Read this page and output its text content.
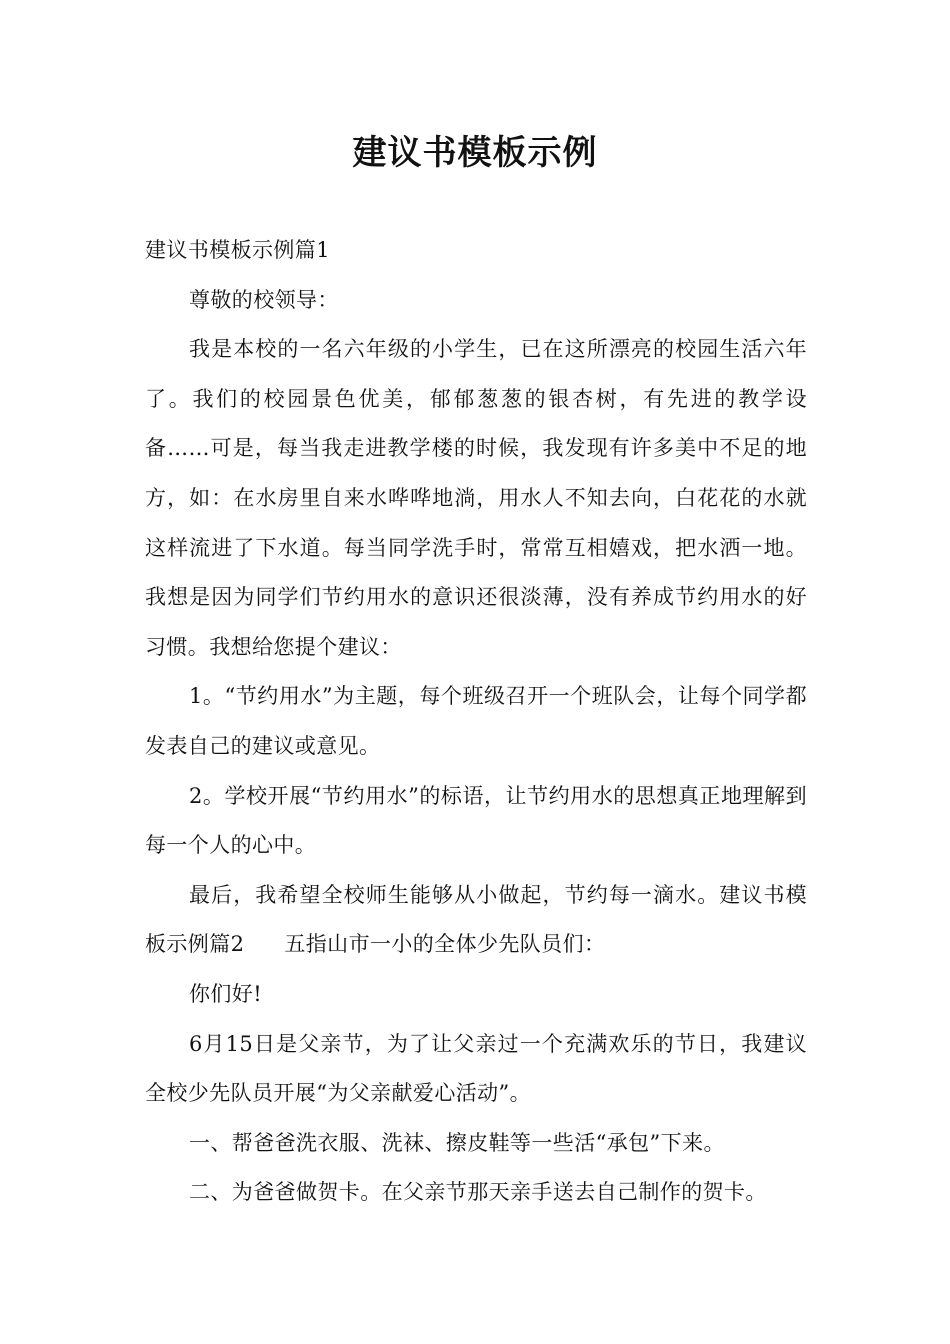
建议书模板示例

建议书模板示例篇1

尊敬的校领导：

我是本校的一名六年级的小学生，已在这所漂亮的校园生活六年了。我们的校园景色优美，郁郁葱葱的银杏树，有先进的教学设备……可是，每当我走进教学楼的时候，我发现有许多美中不足的地方，如：在水房里自来水哗哗地淌，用水人不知去向，白花花的水就这样流进了下水道。每当同学洗手时，常常互相嬉戏，把水洒一地。我想是因为同学们节约用水的意识还很淡薄，没有养成节约用水的好习惯。我想给您提个建议：

1。“节约用水”为主题，每个班级召开一个班队会，让每个同学都发表自己的建议或意见。

2。学校开展“节约用水”的标语，让节约用水的思想真正地理解到每一个人的心中。

最后，我希望全校师生能够从小做起，节约每一滴水。建议书模板示例篇2 五指山市一小的全体少先队员们：

你们好!

6月15日是父亲节，为了让父亲过一个充满欢乐的节日，我建议全校少先队员开展“为父亲献爱心活动”。

一、帮爸爸洗衣服、洗袜、擦皮鞋等一些活“承包”下来。

二、为爸爸做贺卡。在父亲节那天亲手送去自己制作的贺卡。
